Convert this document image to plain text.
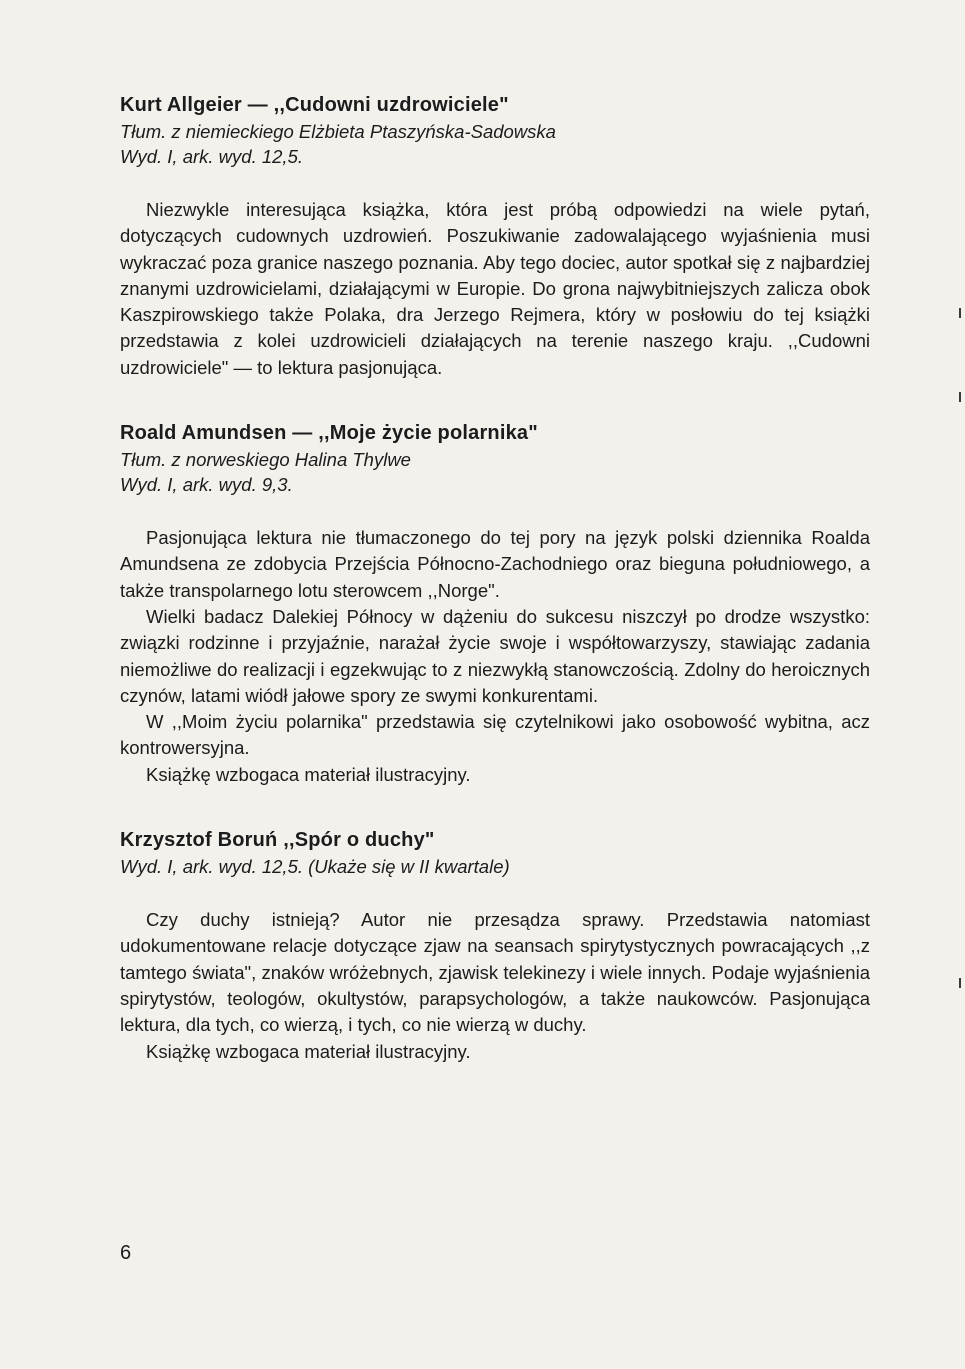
Kurt Allgeier — ,,Cudowni uzdrowiciele"

Tłum. z niemieckiego Elżbieta Ptaszyńska-Sadowska

Wyd. I, ark. wyd. 12,5.

Niezwykle interesująca książka, która jest próbą odpowiedzi na wiele pytań, dotyczących cudownych uzdrowień. Poszukiwanie zadowalającego wyjaśnienia musi wykraczać poza granice naszego poznania. Aby tego dociec, autor spotkał się z najbardziej znanymi uzdrowicielami, działającymi w Europie. Do grona najwybitniejszych zalicza obok Kaszpirowskiego także Polaka, dra Jerzego Rejmera, który w posłowiu do tej książki przedstawia z kolei uzdrowicieli działających na terenie naszego kraju. ,,Cudowni uzdrowiciele" — to lektura pasjonująca.

Roald Amundsen — ,,Moje życie polarnika"

Tłum. z norweskiego Halina Thylwe

Wyd. I, ark. wyd. 9,3.

Pasjonująca lektura nie tłumaczonego do tej pory na język polski dziennika Roalda Amundsena ze zdobycia Przejścia Północno-Zachodniego oraz bieguna południowego, a także transpolarnego lotu sterowcem ,,Norge".

Wielki badacz Dalekiej Północy w dążeniu do sukcesu niszczył po drodze wszystko: związki rodzinne i przyjaźnie, narażał życie swoje i współtowarzyszy, stawiając zadania niemożliwe do realizacji i egzekwując to z niezwykłą stanowczością. Zdolny do heroicznych czynów, latami wiódł jałowe spory ze swymi konkurentami.

W ,,Moim życiu polarnika" przedstawia się czytelnikowi jako osobowość wybitna, acz kontrowersyjna.

Książkę wzbogaca materiał ilustracyjny.

Krzysztof Boruń ,,Spór o duchy"

Wyd. I, ark. wyd. 12,5. (Ukaże się w II kwartale)

Czy duchy istnieją? Autor nie przesądza sprawy. Przedstawia natomiast udokumentowane relacje dotyczące zjaw na seansach spirytystycznych powracających ,,z tamtego świata", znaków wróżebnych, zjawisk telekinezy i wiele innych. Podaje wyjaśnienia spirytystów, teologów, okultystów, parapsychologów, a także naukowców. Pasjonująca lektura, dla tych, co wierzą, i tych, co nie wierzą w duchy.

Książkę wzbogaca materiał ilustracyjny.

6
